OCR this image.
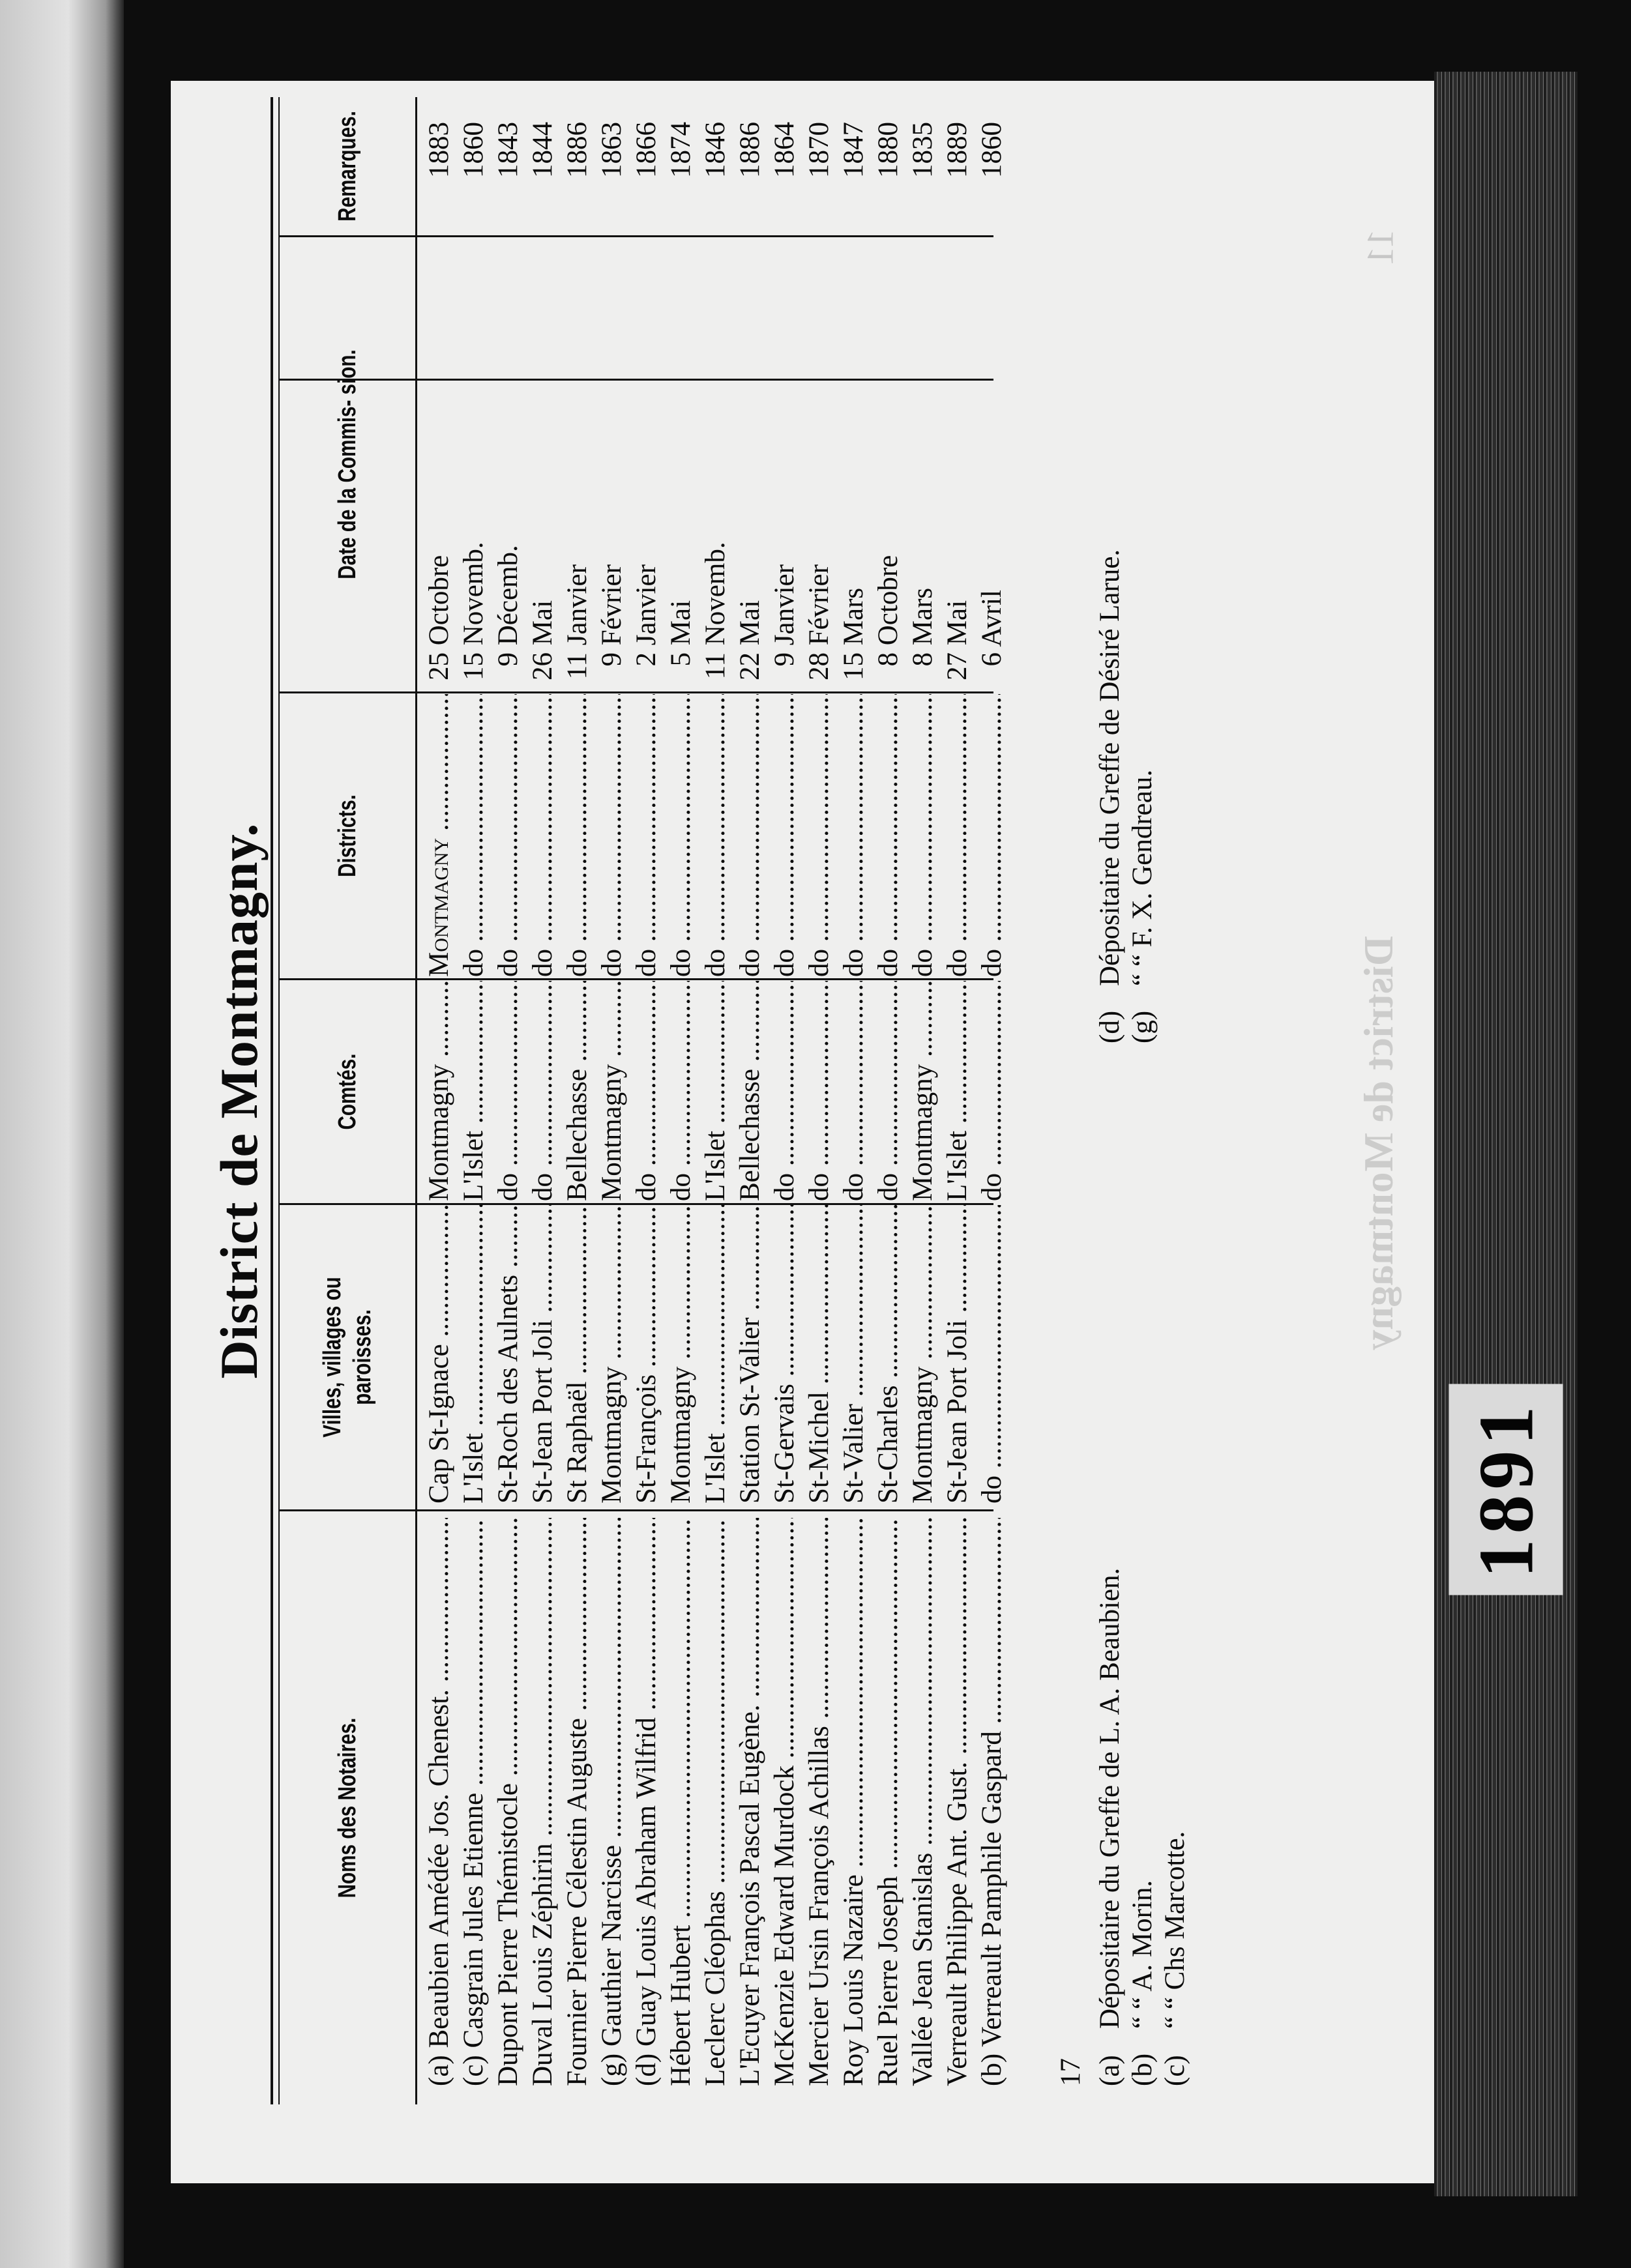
1891
District de Montmagny
11
District de Montmagny.
Noms des Notaires.
Villes, villages ou paroisses.
Comtés.
Districts.
Date de la Commis- sion.
Remarques.
(a) Beaubien Amédée Jos. Chenest. .....
Cap St-Ignace .....
Montmagny .....
Montmagny .....
25 Octobre
1883
(c) Casgrain Jules Etienne .....
L'Islet .....
L'Islet .....
do .....
15 Novemb.
1860
Dupont Pierre Thémistocle .....
St-Roch des Aulnets .....
do .....
do .....
9 Décemb.
1843
Duval Louis Zéphirin .....
St-Jean Port Joli .....
do .....
do .....
26 Mai
1844
Fournier Pierre Célestin Auguste .....
St Raphaël .....
Bellechasse .....
do .....
11 Janvier
1886
(g) Gauthier Narcisse .....
Montmagny .....
Montmagny .....
do .....
9 Février
1863
(d) Guay Louis Abraham Wilfrid .....
St-François .....
do .....
do .....
2 Janvier
1866
Hébert Hubert .....
Montmagny .....
do .....
do .....
5 Mai
1874
Leclerc Cléophas .....
L'Islet .....
L'Islet .....
do .....
11 Novemb.
1846
L'Ecuyer François Pascal Eugène. .....
Station St-Valier .....
Bellechasse .....
do .....
22 Mai
1886
McKenzie Edward Murdock .....
St-Gervais .....
do .....
do .....
9 Janvier
1864
Mercier Ursin François Achillas .....
St-Michel .....
do .....
do .....
28 Février
1870
Roy Louis Nazaire .....
St-Valier .....
do .....
do .....
15 Mars
1847
Ruel Pierre Joseph .....
St-Charles .....
do .....
do .....
8 Octobre
1880
Vallée Jean Stanislas .....
Montmagny .....
Montmagny .....
do .....
8 Mars
1835
Verreault Philippe Ant. Gust. .....
St-Jean Port Joli .....
L'Islet .....
do .....
27 Mai
1889
(b) Verreault Pamphile Gaspard .....
do .....
do .....
do .....
6 Avril
1860
17 (a)
Dépositaire du Greffe de L. A. Beaubien.
(b)
“ “ A. Morin.
(c)
“ “ Chs Marcotte.
(d)
Dépositaire du Greffe de Désiré Larue.
(g)
“ “ F. X. Gendreau.
